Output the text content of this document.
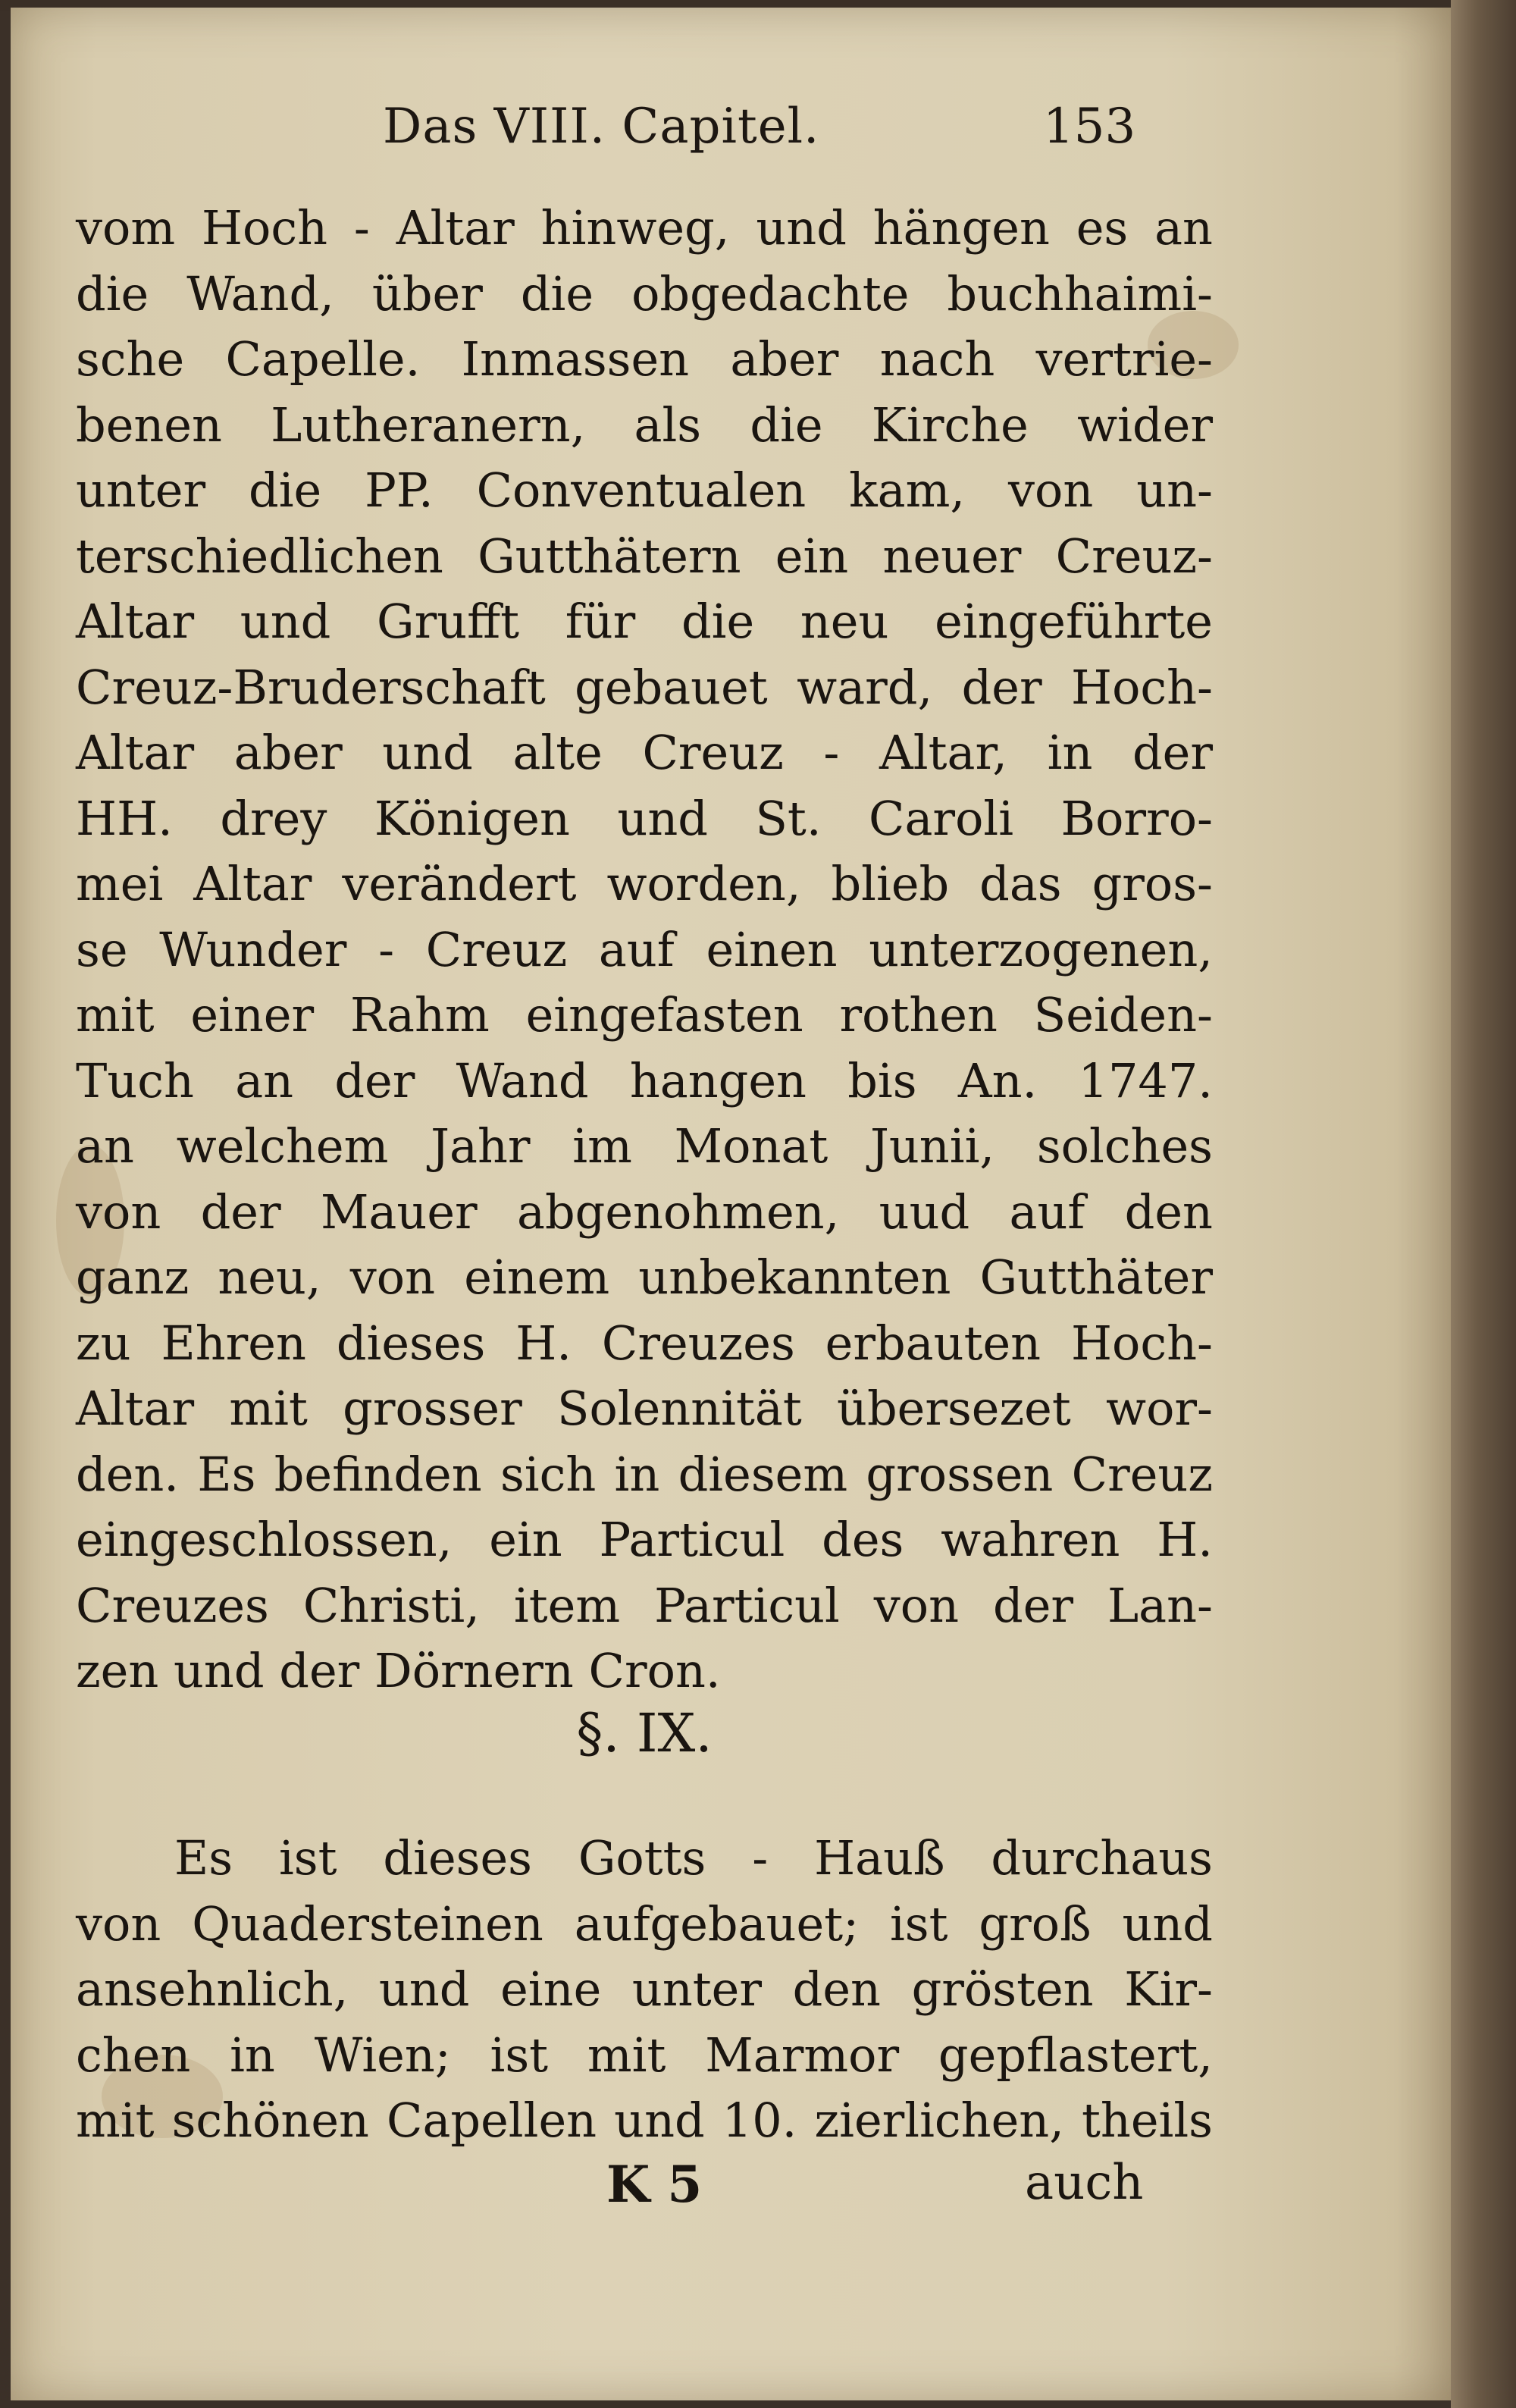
Das VIII. Capitel.	153
vom Hoch - Altar hinweg, und hängen es an
die Wand, über die obgedachte buchhaimi-
sche Capelle. Inmassen aber nach vertrie-
benen Lutheranern, als die Kirche wider
unter die PP. Conventualen kam, von un-
terschiedlichen Gutthätern ein neuer Creuz-
Altar und Grufft für die neu eingeführte
Creuz-Bruderschaft gebauet ward, der Hoch-
Altar aber und alte Creuz - Altar, in der
HH. drey Königen und St. Caroli Borro-
mei Altar verändert worden, blieb das gros-
se Wunder - Creuz auf einen unterzogenen,
mit einer Rahm eingefasten rothen Seiden-
Tuch an der Wand hangen bis An. 1747.
an welchem Jahr im Monat Junii, solches
von der Mauer abgenohmen, uud auf den
ganz neu, von einem unbekannten Gutthäter
zu Ehren dieses H. Creuzes erbauten Hoch-
Altar mit grosser Solennität übersezet wor-
den. Es befinden sich in diesem grossen Creuz
eingeschlossen, ein Particul des wahren H.
Creuzes Christi, item Particul von der Lan-
zen und der Dörnern Cron.
§. IX.
Es ist dieses Gotts - Hauß durchaus
von Quadersteinen aufgebauet; ist groß und
ansehnlich, und eine unter den grösten Kir-
chen in Wien; ist mit Marmor gepflastert,
mit schönen Capellen und 10. zierlichen, theils
K 5	auch
